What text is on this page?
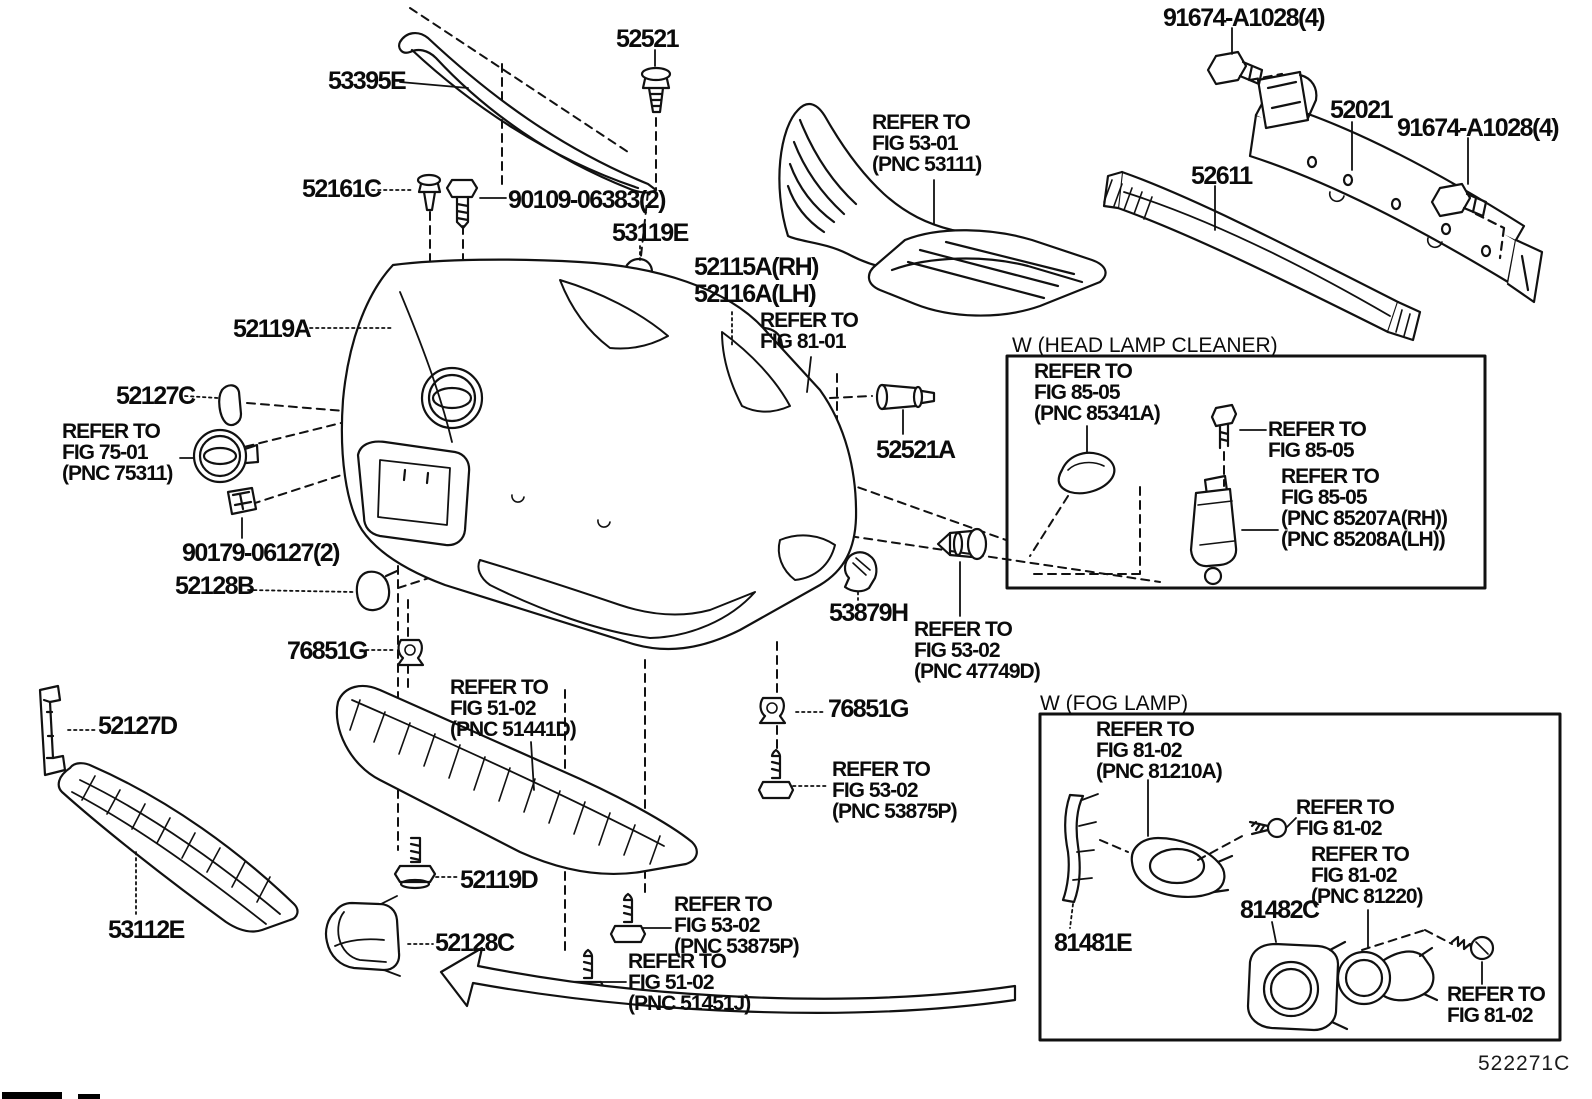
91674-A1028(4)
52521
53395E
52021
91674-A1028(4)
52611
52161C	90109-06383(2)
53119E
52115A(RH)
52116A(LH)
52119A
52127C
52521A
90179-06127(2)
52128B
53879H
76851G
76851G
52127D
52119D
53112E	52128C
81482C
81481E
REFER TO
FIG 53-01
(PNC 53111)
REFER TO
FIG 81-01
REFER TO
FIG 85-05
(PNC 85341A)
REFER TO
FIG 85-05
REFER TO
FIG 85-05
(PNC 85207A(RH))
(PNC 85208A(LH))
REFER TO
FIG 75-01
(PNC 75311)
REFER TO
FIG 53-02
(PNC 47749D)
REFER TO
FIG 51-02
(PNC 51441D)	REFER TO
FIG 81-02
(PNC 81210A)
REFER TO
FIG 53-02
(PNC 53875P)	REFER TO
FIG 81-02
REFER TO
FIG 81-02
(PNC 81220)
REFER TO
FIG 53-02
(PNC 53875P)
REFER TO
FIG 51-02
(PNC 51451J)	REFER TO
FIG 81-02
W (HEAD LAMP CLEANER)
W (FOG LAMP)
522271C
